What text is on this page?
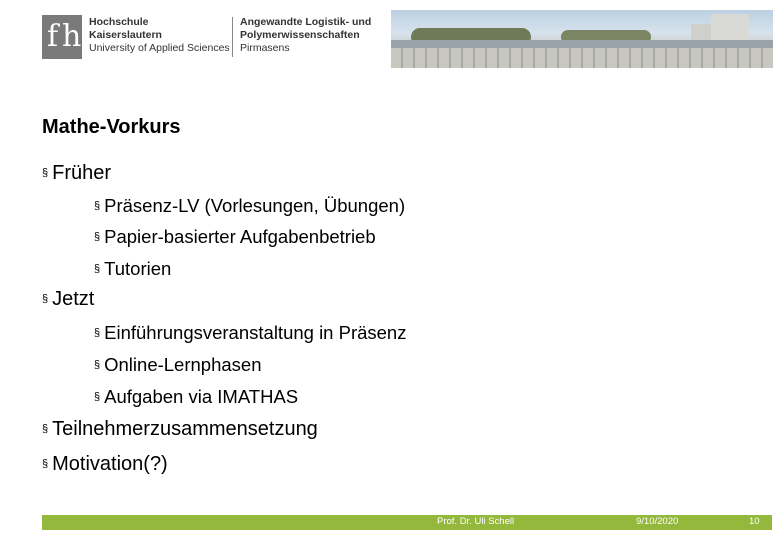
f h Hochschule
Kaiserslautern
University of Applied Sciences
Angewandte Logistik- und
Polymerwissenschaften
Pirmasens
Mathe-Vorkurs
§ Früher
§ Präsenz-LV (Vorlesungen, Übungen)
§ Papier-basierter Aufgabenbetrieb
§ Tutorien
§ Jetzt
§ Einführungsveranstaltung in Präsenz
§ Online-Lernphasen
§ Aufgaben via IMATHAS
§ Teilnehmerzusammensetzung
§ Motivation(?)
Prof. Dr. Uli Schell	9/10/2020	10
